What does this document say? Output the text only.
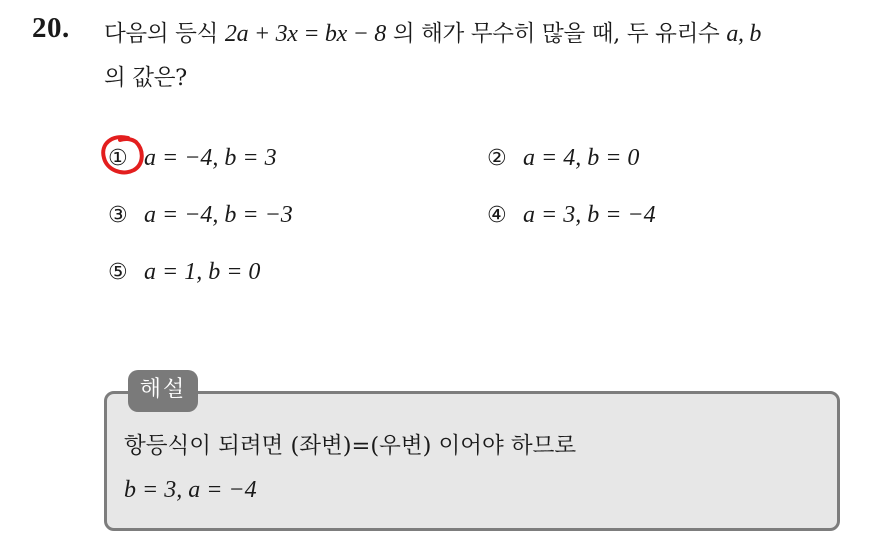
20. 다음의 등식 2a + 3x = bx − 8 의 해가 무수히 많을 때, 두 유리수 a, b
의 값은?
① a = −4, b = 3	② a = 4, b = 0
③ a = −4, b = −3	④ a = 3, b = −4
⑤ a = 1, b = 0
해설
항등식이 되려면 (좌변)=(우변) 이어야 하므로
b = 3, a = −4
